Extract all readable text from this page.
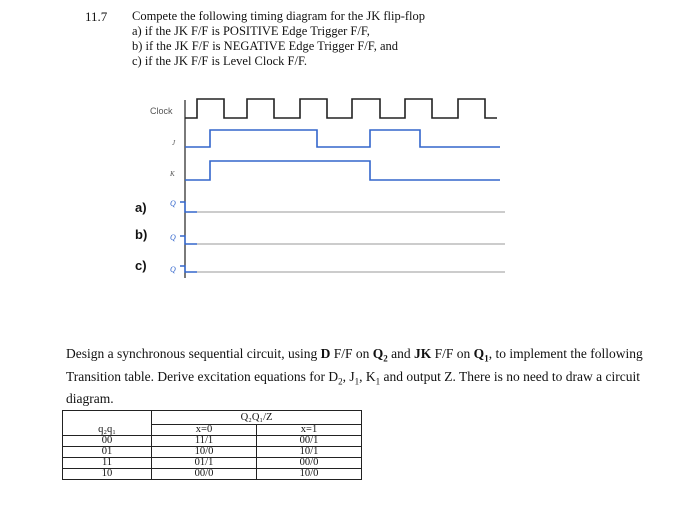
11.7 Compete the following timing diagram for the JK flip-flop
a) if the JK F/F is POSITIVE Edge Trigger F/F,
b) if the JK F/F is NEGATIVE Edge Trigger F/F, and
c) if the JK F/F is Level Clock F/F.
Clock
J
K
a)
b)
c)
Q
Q
Q
Design a synchronous sequential circuit, using D F/F on $Q_2$ and JK F/F on $Q_1$, to implement the following Transition table. Derive excitation equations for $D_2$, $J_1$, $K_1$ and output Z. There is no need to draw a circuit diagram.
	Q₂Q₁/Z	
q₂q₁	x=0	x=1
00	11/1	00/1
01	10/0	10/1
11	01/1	00/0
10	00/0	10/0
